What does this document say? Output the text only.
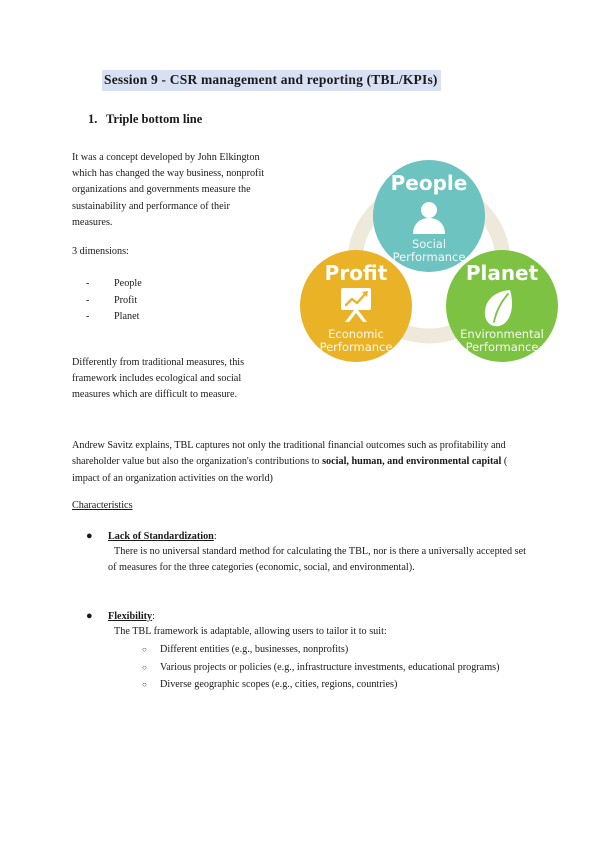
Session 9 - CSR management and reporting (TBL/KPIs)
1. Triple bottom line
It was a concept developed by John Elkington which has changed the way business, nonprofit organizations and governments measure the sustainability and performance of their measures.
3 dimensions:
-	People
-	Profit
-	Planet
Differently from traditional measures, this framework includes ecological and social measures which are difficult to measure.
Andrew Savitz explains, TBL captures not only the traditional financial outcomes such as profitability and shareholder value but also the organization's contributions to social, human, and environmental capital ( impact of an organization activities on the world)
Characteristics
●	Lack of Standardization:
There is no universal standard method for calculating the TBL, nor is there a universally accepted set of measures for the three categories (economic, social, and environmental).
●	Flexibility:
The TBL framework is adaptable, allowing users to tailor it to suit:
○	Different entities (e.g., businesses, nonprofits)
○	Various projects or policies (e.g., infrastructure investments, educational programs)
○	Diverse geographic scopes (e.g., cities, regions, countries)
People
Social
Performance
Profit
Economic
Performance
Planet
Environmental
Performance
